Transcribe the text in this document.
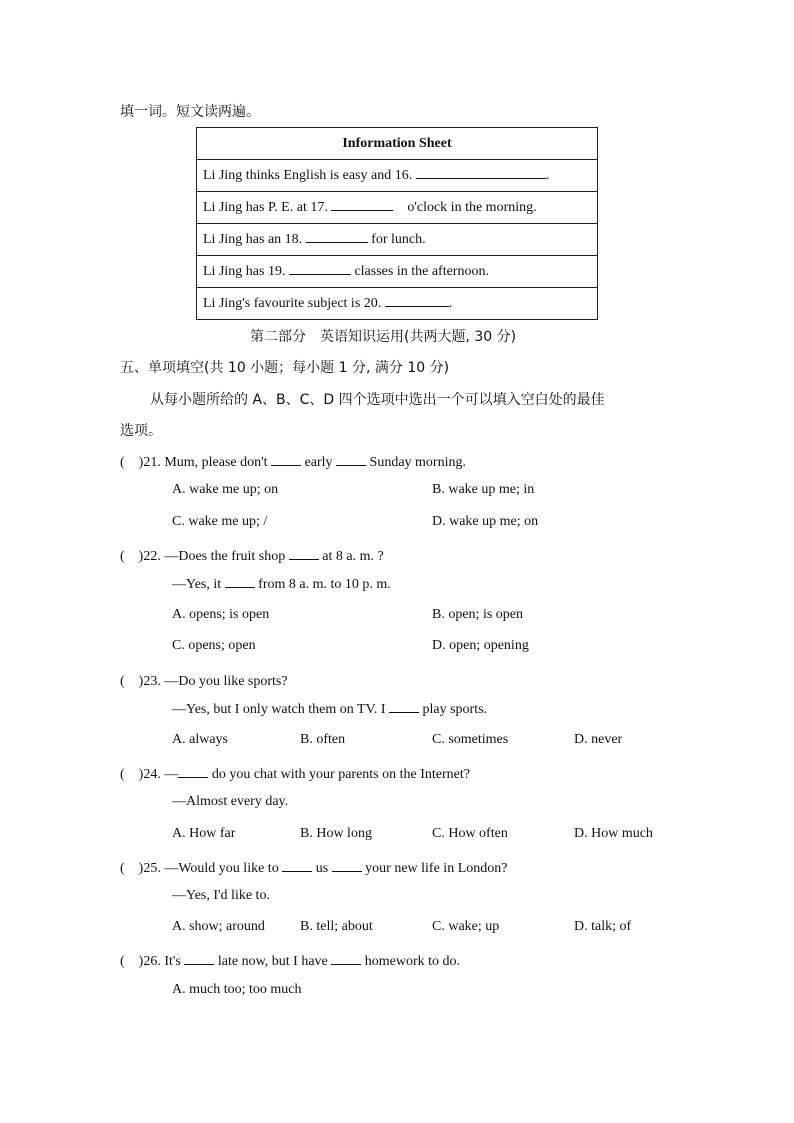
填一词。短文读两遍。
Information Sheet
Li Jing thinks English is easy and 16.	.
Li Jing has P. E. at 17.	o'clock in the morning.
Li Jing has an 18.	for lunch.
Li Jing has 19.	classes in the afternoon.
Li Jing's favourite subject is 20.	.
第二部分　英语知识运用(共两大题, 30 分)
五、单项填空(共 10 小题；每小题 1 分, 满分 10 分)
从每小题所给的 A、B、C、D 四个选项中选出一个可以填入空白处的最佳
选项。
(　)21. Mum, please don't	early	Sunday morning.
A. wake me up; on	B. wake up me; in
C. wake me up; /	D. wake up me; on
(　)22. —Does the fruit shop	at 8 a. m. ?
—Yes, it	from 8 a. m. to 10 p. m.
A. opens; is open	B. open; is open
C. opens; open	D. open; opening
(　)23. —Do you like sports?
—Yes, but I only watch them on TV. I	play sports.
A. always	B. often	C. sometimes	D. never
(　)24. — do you chat with your parents on the Internet?
—Almost every day.
A. How far	B. How long	C. How often	D. How much
(　)25. —Would you like to	us	your new life in London?
—Yes, I'd like to.
A. show; around	B. tell; about	C. wake; up	D. talk; of
(　)26. It's	late now, but I have	homework to do.
A. much too; too much
